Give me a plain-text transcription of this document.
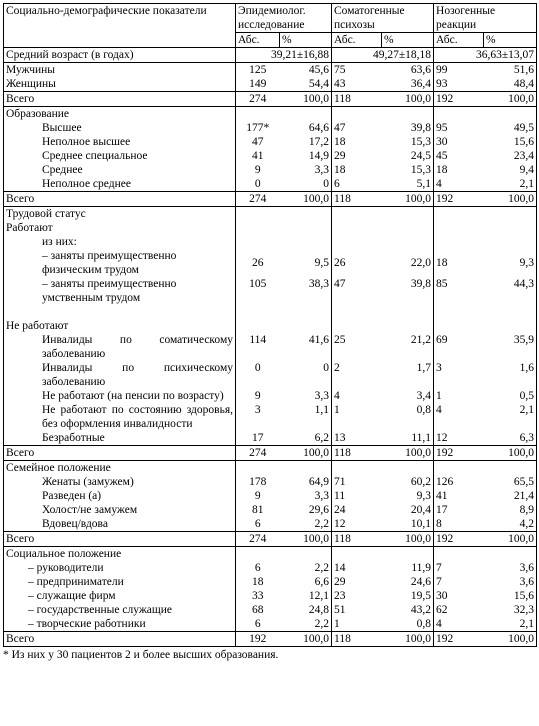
Социально-демографические показатели	Эпидемиолог. исследование		Соматогенные психозы		Нозогенные реакции	
	Абс.	%	Абс.	%	Абс.	%
Средний возраст (в годах)	39,21±16,88		49,27±18,18		36,63±13,07	
Мужчины	125	45,6	75	63,6	99	51,6
Женщины	149	54,4	43	36,4	93	48,4
Всего	274	100,0	118	100,0	192	100,0
Образование						
Высшее	177*	64,6	47	39,8	95	49,5
Неполное высшее	47	17,2	18	15,3	30	15,6
Среднее специальное	41	14,9	29	24,5	45	23,4
Среднее	9	3,3	18	15,3	18	9,4
Неполное среднее	0	0	6	5,1	4	2,1
Всего	274	100,0	118	100,0	192	100,0
Трудовой статус						
Работают						
из них:						

– заняты преимущественно
физическим трудом	26	9,5	26	22,0	18	9,3

– заняты преимущественно
умственным трудом	105	38,3	47	39,8	85	44,3

Не работают						
Инвалиды по соматическому заболеванию	114	41,6	25	21,2	69	35,9
Инвалиды по психическому заболеванию	0	0	2	1,7	3	1,6
Не работают (на пенсии по возрасту)	9	3,3	4	3,4	1	0,5
Не работают по состоянию здоровья, без оформления инвалидности	3	1,1	1	0,8	4	2,1
Безработные	17	6,2	13	11,1	12	6,3
Всего	274	100,0	118	100,0	192	100,0
Семейное положение						
Женаты (замужем)	178	64,9	71	60,2	126	65,5
Разведен (а)	9	3,3	11	9,3	41	21,4
Холост/не замужем	81	29,6	24	20,4	17	8,9
Вдовец/вдова	6	2,2	12	10,1	8	4,2
Всего	274	100,0	118	100,0	192	100,0
Социальное положение						
– руководители	6	2,2	14	11,9	7	3,6
– предприниматели	18	6,6	29	24,6	7	3,6
– служащие фирм	33	12,1	23	19,5	30	15,6
– государственные служащие	68	24,8	51	43,2	62	32,3
– творческие работники	6	2,2	1	0,8	4	2,1
Всего	192	100,0	118	100,0	192	100,0
* Из них у 30 пациентов 2 и более высших образования.
